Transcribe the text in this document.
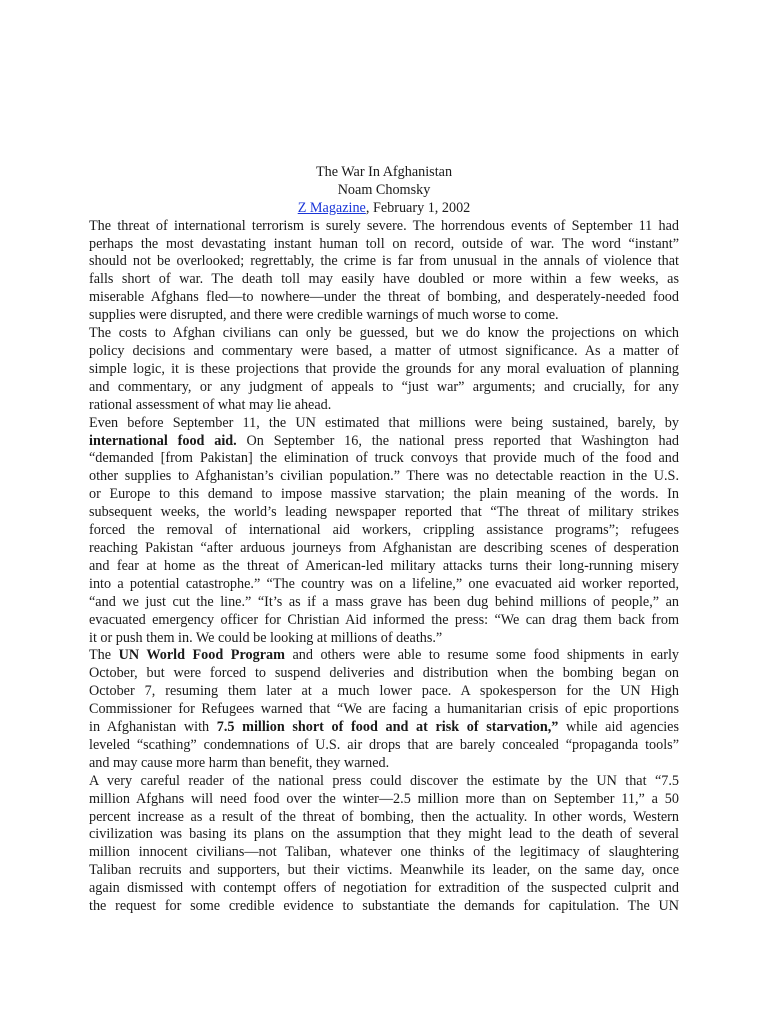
The War In Afghanistan
Noam Chomsky
Z Magazine, February 1, 2002

The threat of international terrorism is surely severe. The horrendous events of September 11 had
perhaps the most devastating instant human toll on record, outside of war. The word “instant”
should not be overlooked; regrettably, the crime is far from unusual in the annals of violence that
falls short of war. The death toll may easily have doubled or more within a few weeks, as
miserable Afghans fled—to nowhere—under the threat of bombing, and desperately-needed food
supplies were disrupted, and there were credible warnings of much worse to come.

The costs to Afghan civilians can only be guessed, but we do know the projections on which
policy decisions and commentary were based, a matter of utmost significance. As a matter of
simple logic, it is these projections that provide the grounds for any moral evaluation of planning
and commentary, or any judgment of appeals to “just war” arguments; and crucially, for any
rational assessment of what may lie ahead.

Even before September 11, the UN estimated that millions were being sustained, barely, by
international food aid. On September 16, the national press reported that Washington had
“demanded [from Pakistan] the elimination of truck convoys that provide much of the food and
other supplies to Afghanistan’s civilian population.” There was no detectable reaction in the U.S.
or Europe to this demand to impose massive starvation; the plain meaning of the words. In
subsequent weeks, the world’s leading newspaper reported that “The threat of military strikes
forced the removal of international aid workers, crippling assistance programs”; refugees
reaching Pakistan “after arduous journeys from Afghanistan are describing scenes of desperation
and fear at home as the threat of American-led military attacks turns their long-running misery
into a potential catastrophe.” “The country was on a lifeline,” one evacuated aid worker reported,
“and we just cut the line.” “It’s as if a mass grave has been dug behind millions of people,” an
evacuated emergency officer for Christian Aid informed the press: “We can drag them back from
it or push them in. We could be looking at millions of deaths.”

The UN World Food Program and others were able to resume some food shipments in early
October, but were forced to suspend deliveries and distribution when the bombing began on
October 7, resuming them later at a much lower pace. A spokesperson for the UN High
Commissioner for Refugees warned that “We are facing a humanitarian crisis of epic proportions
in Afghanistan with 7.5 million short of food and at risk of starvation,” while aid agencies
leveled “scathing” condemnations of U.S. air drops that are barely concealed “propaganda tools”
and may cause more harm than benefit, they warned.

A very careful reader of the national press could discover the estimate by the UN that “7.5
million Afghans will need food over the winter—2.5 million more than on September 11,” a 50
percent increase as a result of the threat of bombing, then the actuality. In other words, Western
civilization was basing its plans on the assumption that they might lead to the death of several
million innocent civilians—not Taliban, whatever one thinks of the legitimacy of slaughtering
Taliban recruits and supporters, but their victims. Meanwhile its leader, on the same day, once
again dismissed with contempt offers of negotiation for extradition of the suspected culprit and
the request for some credible evidence to substantiate the demands for capitulation. The UN
